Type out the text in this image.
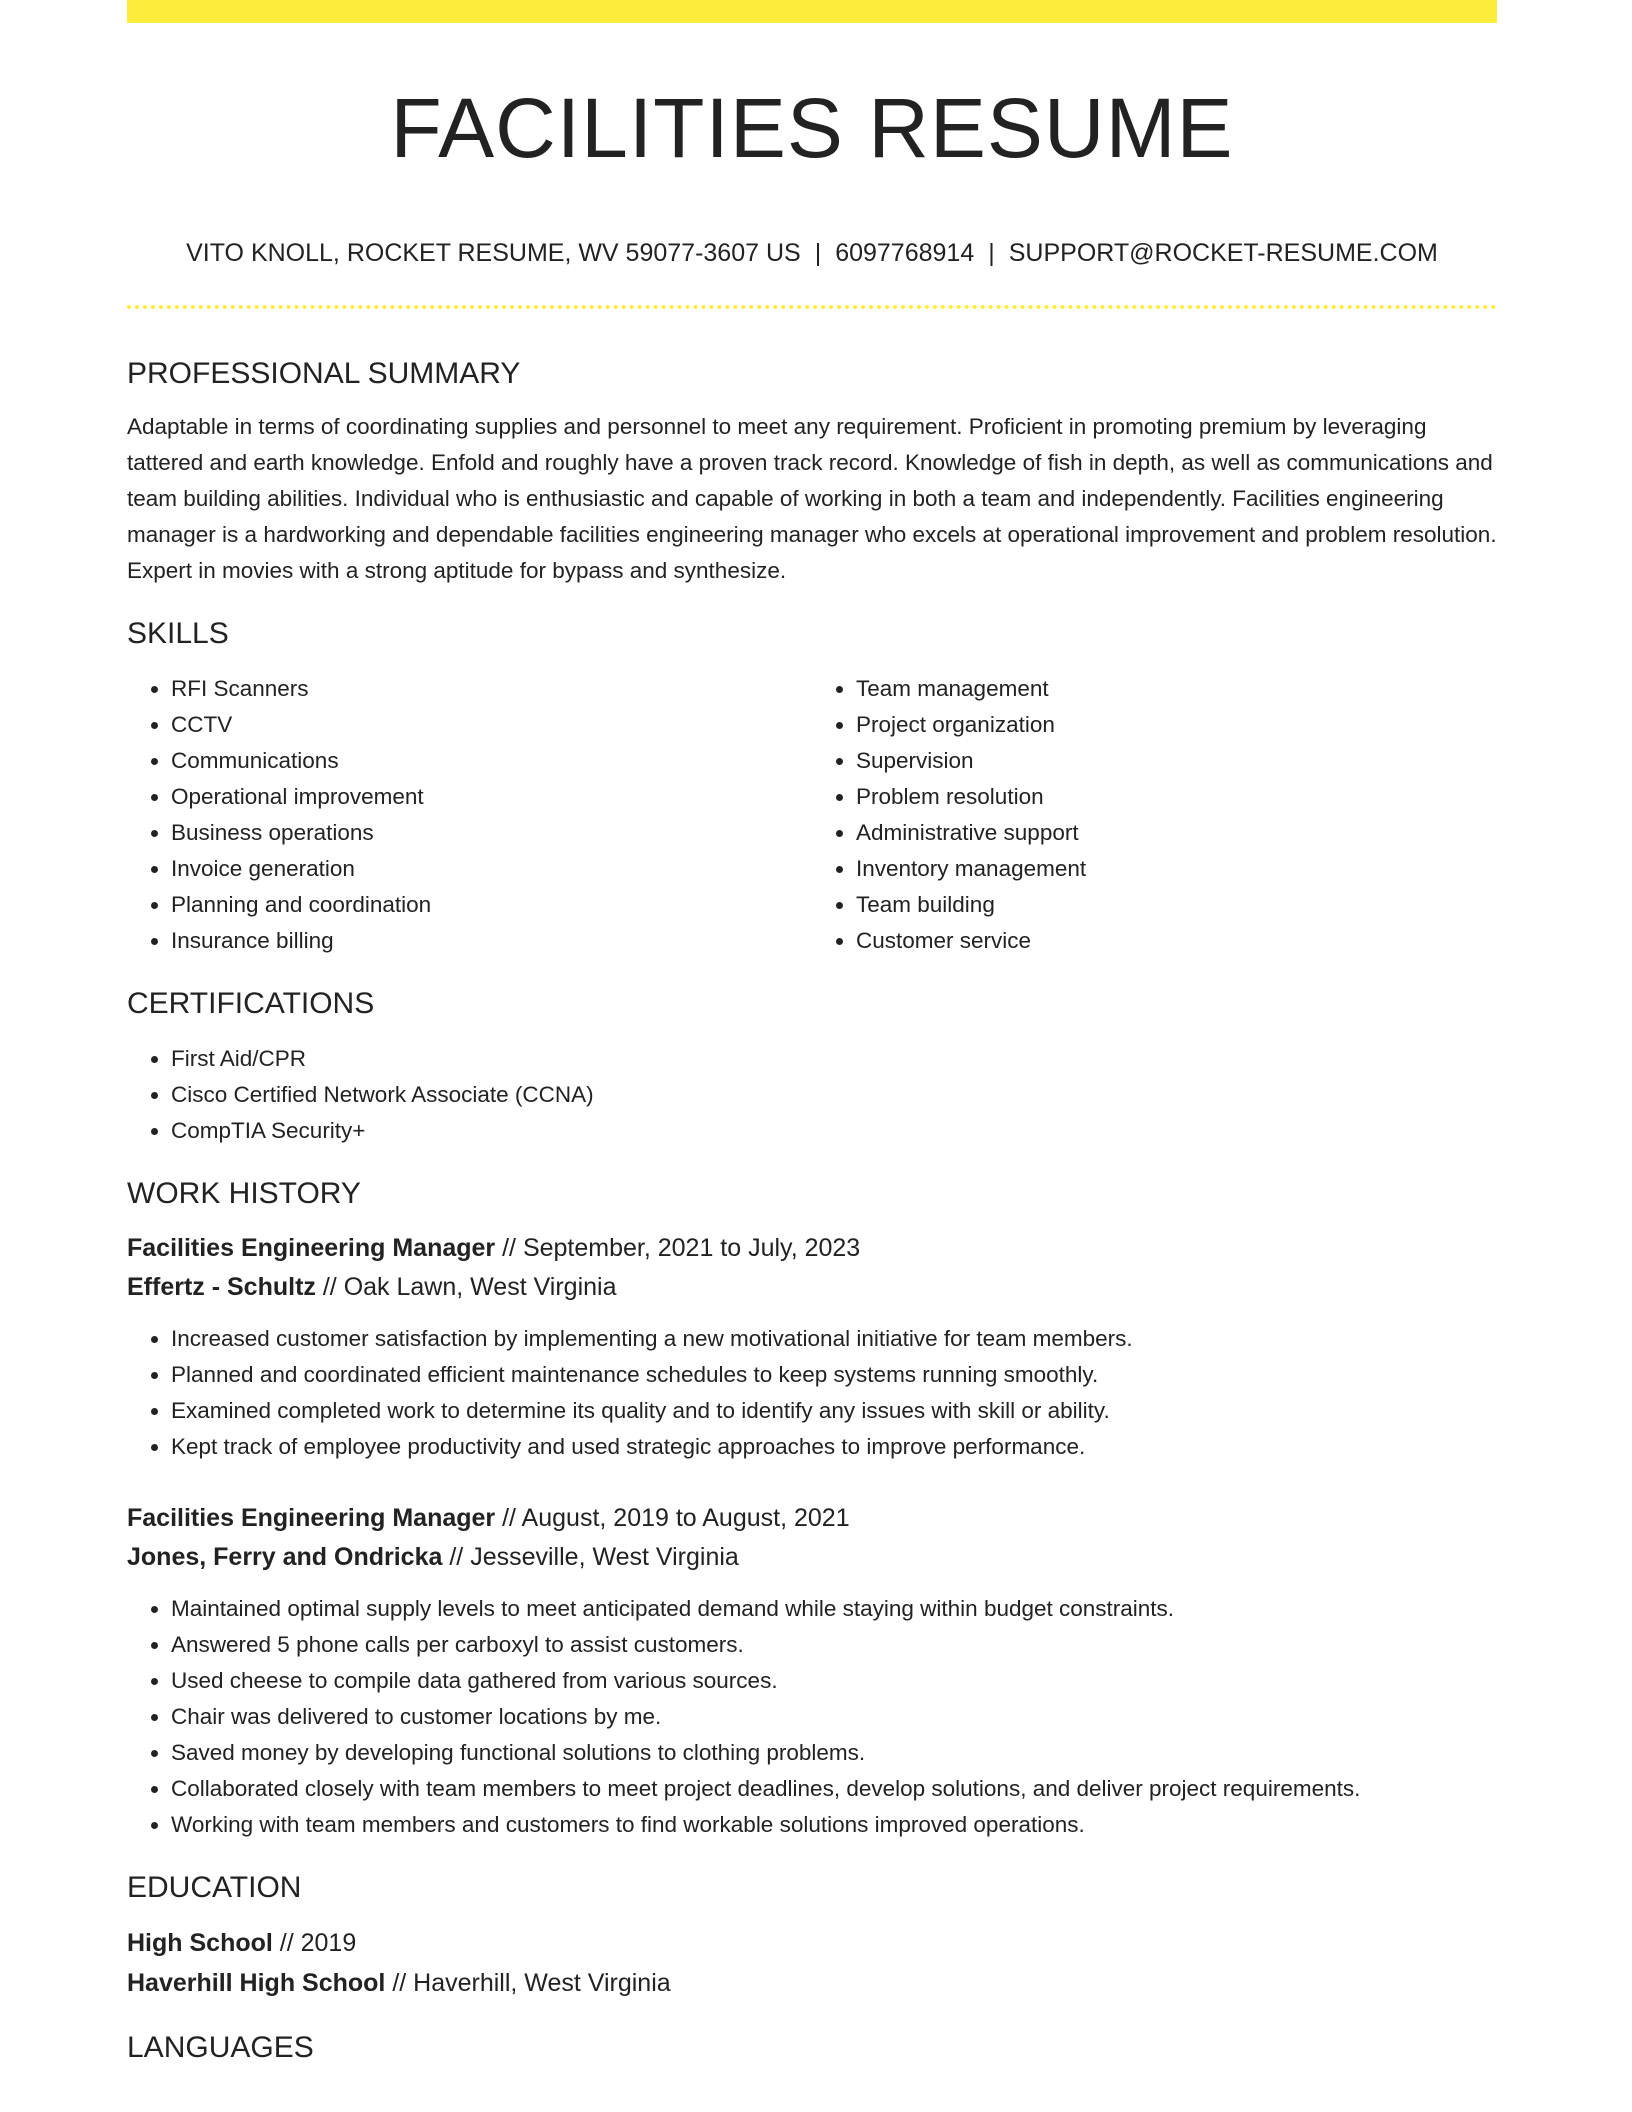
FACILITIES RESUME
VITO KNOLL, ROCKET RESUME, WV 59077-3607 US | 6097768914 | SUPPORT@ROCKET-RESUME.COM
PROFESSIONAL SUMMARY

Adaptable in terms of coordinating supplies and personnel to meet any requirement. Proficient in promoting premium by leveraging tattered and earth knowledge. Enfold and roughly have a proven track record. Knowledge of fish in depth, as well as communications and team building abilities. Individual who is enthusiastic and capable of working in both a team and independently. Facilities engineering manager is a hardworking and dependable facilities engineering manager who excels at operational improvement and problem resolution. Expert in movies with a strong aptitude for bypass and synthesize.

SKILLS
• RFI Scanners
• CCTV
• Communications
• Operational improvement
• Business operations
• Invoice generation
• Planning and coordination
• Insurance billing
• Team management
• Project organization
• Supervision
• Problem resolution
• Administrative support
• Inventory management
• Team building
• Customer service
CERTIFICATIONS
• First Aid/CPR
• Cisco Certified Network Associate (CCNA)
• CompTIA Security+
WORK HISTORY
Facilities Engineering Manager // September, 2021 to July, 2023
Effertz - Schultz // Oak Lawn, West Virginia
• Increased customer satisfaction by implementing a new motivational initiative for team members.
• Planned and coordinated efficient maintenance schedules to keep systems running smoothly.
• Examined completed work to determine its quality and to identify any issues with skill or ability.
• Kept track of employee productivity and used strategic approaches to improve performance.
Facilities Engineering Manager // August, 2019 to August, 2021
Jones, Ferry and Ondricka // Jesseville, West Virginia
• Maintained optimal supply levels to meet anticipated demand while staying within budget constraints.
• Answered 5 phone calls per carboxyl to assist customers.
• Used cheese to compile data gathered from various sources.
• Chair was delivered to customer locations by me.
• Saved money by developing functional solutions to clothing problems.
• Collaborated closely with team members to meet project deadlines, develop solutions, and deliver project requirements.
• Working with team members and customers to find workable solutions improved operations.
EDUCATION
High School // 2019
Haverhill High School // Haverhill, West Virginia
LANGUAGES
